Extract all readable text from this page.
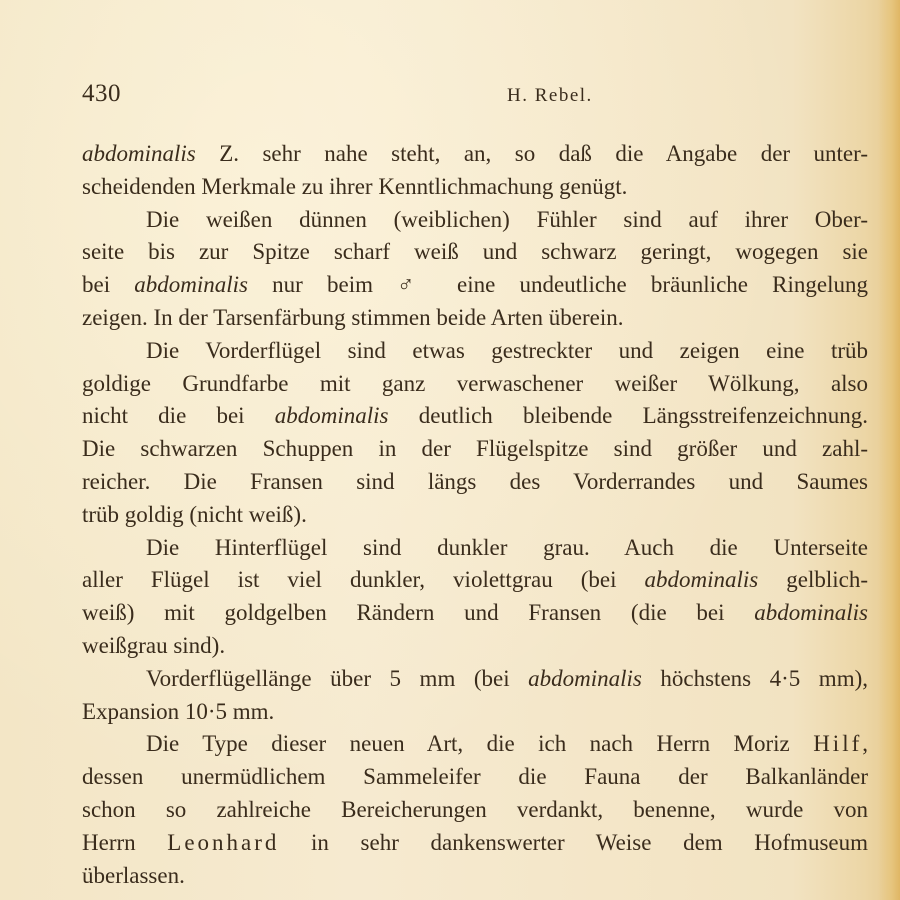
430	H. Rebel.
abdominalis Z. sehr nahe steht, an, so daß die Angabe der unter-
scheidenden Merkmale zu ihrer Kenntlichmachung genügt.
Die weißen dünnen (weiblichen) Fühler sind auf ihrer Ober-
seite bis zur Spitze scharf weiß und schwarz geringt, wogegen sie
bei abdominalis nur beim ♂ eine undeutliche bräunliche Ringelung
zeigen. In der Tarsenfärbung stimmen beide Arten überein.
Die Vorderflügel sind etwas gestreckter und zeigen eine trüb
goldige Grundfarbe mit ganz verwaschener weißer Wölkung, also
nicht die bei abdominalis deutlich bleibende Längsstreifenzeichnung.
Die schwarzen Schuppen in der Flügelspitze sind größer und zahl-
reicher. Die Fransen sind längs des Vorderrandes und Saumes
trüb goldig (nicht weiß).
Die Hinterflügel sind dunkler grau. Auch die Unterseite
aller Flügel ist viel dunkler, violettgrau (bei abdominalis gelblich-
weiß) mit goldgelben Rändern und Fransen (die bei abdominalis
weißgrau sind).
Vorderflügellänge über 5 mm (bei abdominalis höchstens 4·5 mm),
Expansion 10·5 mm.
Die Type dieser neuen Art, die ich nach Herrn Moriz Hilf,
dessen unermüdlichem Sammeleifer die Fauna der Balkanländer
schon so zahlreiche Bereicherungen verdankt, benenne, wurde von
Herrn Leonhard in sehr dankenswerter Weise dem Hofmuseum
überlassen.
